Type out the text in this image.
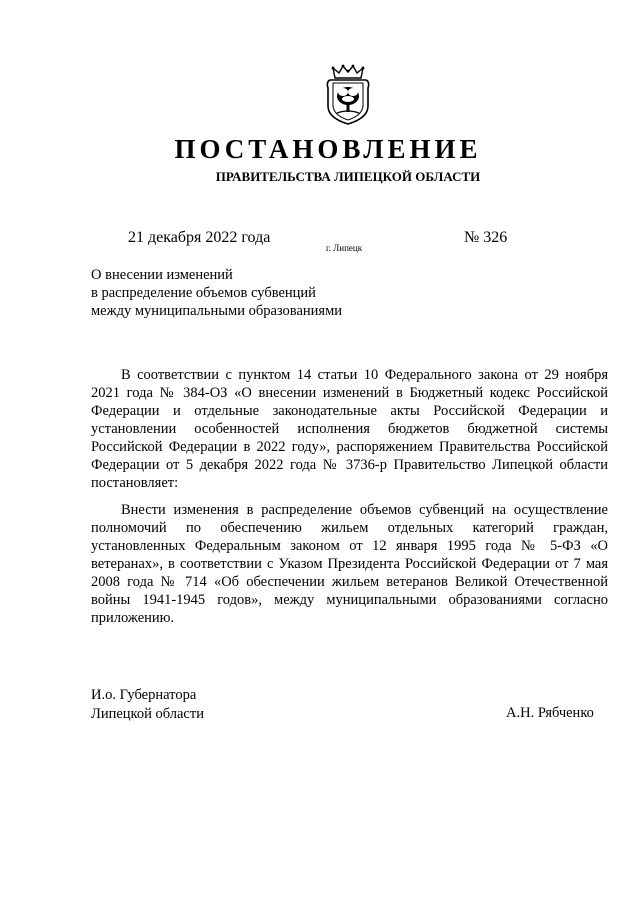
ПОСТАНОВЛЕНИЕ
ПРАВИТЕЛЬСТВА ЛИПЕЦКОЙ ОБЛАСТИ
21 декабря 2022 года
г. Липецк
№ 326
О внесении изменений
в распределение объемов субвенций
между муниципальными образованиями

В соответствии с пунктом 14 статьи 10 Федерального закона от 29 ноября 2021 года № 384-ОЗ «О внесении изменений в Бюджетный кодекс Российской Федерации и отдельные законодательные акты Российской Федерации и установлении особенностей исполнения бюджетов бюджетной системы Российской Федерации в 2022 году», распоряжением Правительства Российской Федерации от 5 декабря 2022 года № 3736-р Правительство Липецкой области постановляет:

Внести изменения в распределение объемов субвенций на осуществление полномочий по обеспечению жильем отдельных категорий граждан, установленных Федеральным законом от 12 января 1995 года № 5-ФЗ «О ветеранах», в соответствии с Указом Президента Российской Федерации от 7 мая 2008 года № 714 «Об обеспечении жильем ветеранов Великой Отечественной войны 1941-1945 годов», между муниципальными образованиями согласно приложению.

И.о. Губернатора
Липецкой области	А.Н. Рябченко
